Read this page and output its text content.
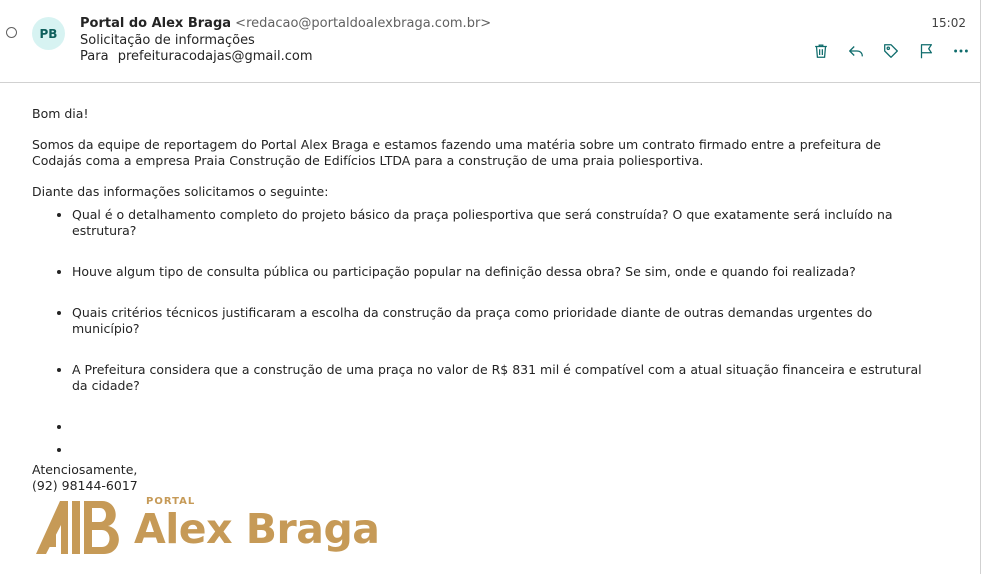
PB
Portal do Alex Braga <redacao@portaldoalexbraga.com.br>
Solicitação de informações
Para prefeituracodajas@gmail.com
15:02

Bom dia!

Somos da equipe de reportagem do Portal Alex Braga e estamos fazendo uma matéria sobre um contrato firmado entre a prefeitura de Codajás coma a empresa Praia Construção de Edifícios LTDA para a construção de uma praia poliesportiva.

Diante das informações solicitamos o seguinte:

• Qual é o detalhamento completo do projeto básico da praça poliesportiva que será construída? O que exatamente será incluído na estrutura?
• Houve algum tipo de consulta pública ou participação popular na definição dessa obra? Se sim, onde e quando foi realizada?
• Quais critérios técnicos justificaram a escolha da construção da praça como prioridade diante de outras demandas urgentes do município?
• A Prefeitura considera que a construção de uma praça no valor de R$ 831 mil é compatível com a atual situação financeira e estrutural da cidade?
•
•
Atenciosamente,
(92) 98144-6017
PORTAL
Alex Braga
